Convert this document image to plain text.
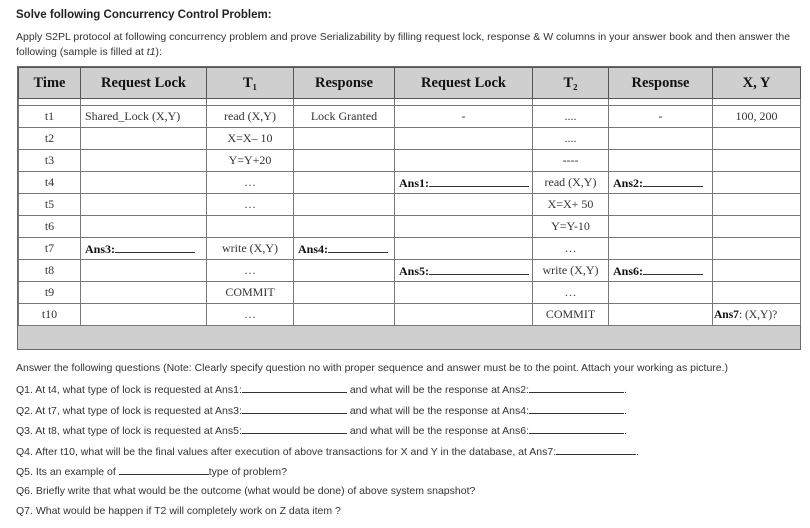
Solve following Concurrency Control Problem:
Apply S2PL protocol at following concurrency problem and prove Serializability by filling request lock, response & W columns in your answer book and then answer the following (sample is filled at t1):
Time	Request Lock	T₁	Response	Request Lock	T₂	Response	X, Y

t1	Shared_Lock (X,Y)	read (X,Y)	Lock Granted	-	....	-	100, 200
t2		X=X– 10			....		
t3		Y=Y+20			----		
t4		…		Ans1:	read (X,Y)	Ans2:	
t5		…			X=X+ 50		
t6					Y=Y-10		
t7	Ans3:	write (X,Y)	Ans4:		…		
t8		…		Ans5:	write (X,Y)	Ans6:	
t9		COMMIT			…		
t10		…			COMMIT		Ans7: (X,Y)?
Answer the following questions (Note: Clearly specify question no with proper sequence and answer must be to the point. Attach your working as picture.)
Q1. At t4, what type of lock is requested at Ans1:	and what will be the response at Ans2:	.
Q2. At t7, what type of lock is requested at Ans3:	and what will be the response at Ans4:	.
Q3. At t8, what type of lock is requested at Ans5:	and what will be the response at Ans6:	.
Q4. After t10, what will be the final values after execution of above transactions for X and Y in the database, at Ans7:	.
Q5. Its an example of	type of problem?
Q6. Briefly write that what would be the outcome (what would be done) of above system snapshot?
Q7. What would be happen if T2 will completely work on Z data item ?
